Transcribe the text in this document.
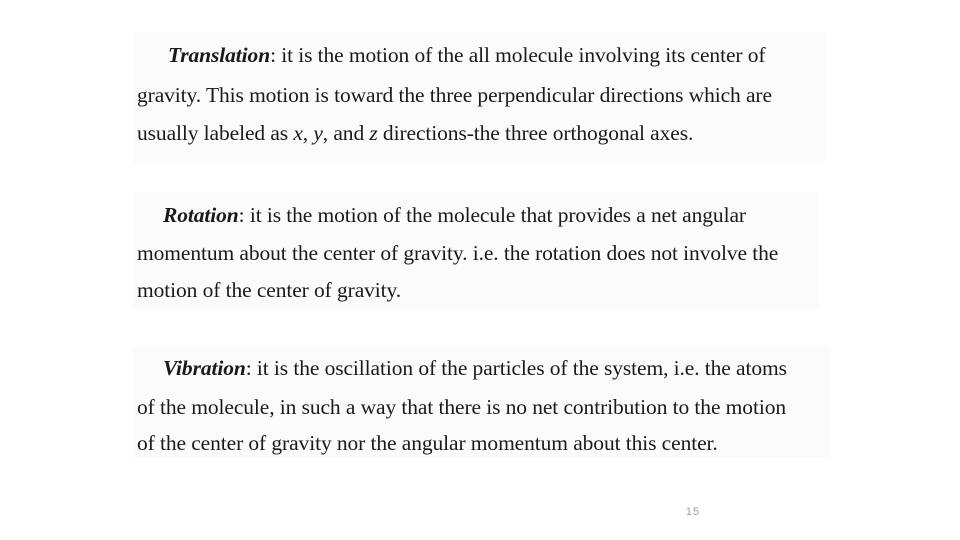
Translation: it is the motion of the all molecule involving its center of
gravity. This motion is toward the three perpendicular directions which are
usually labeled as x, y, and z directions-the three orthogonal axes.
Rotation: it is the motion of the molecule that provides a net angular
momentum about the center of gravity. i.e. the rotation does not involve the
motion of the center of gravity.
Vibration: it is the oscillation of the particles of the system, i.e. the atoms
of the molecule, in such a way that there is no net contribution to the motion
of the center of gravity nor the angular momentum about this center.
15
